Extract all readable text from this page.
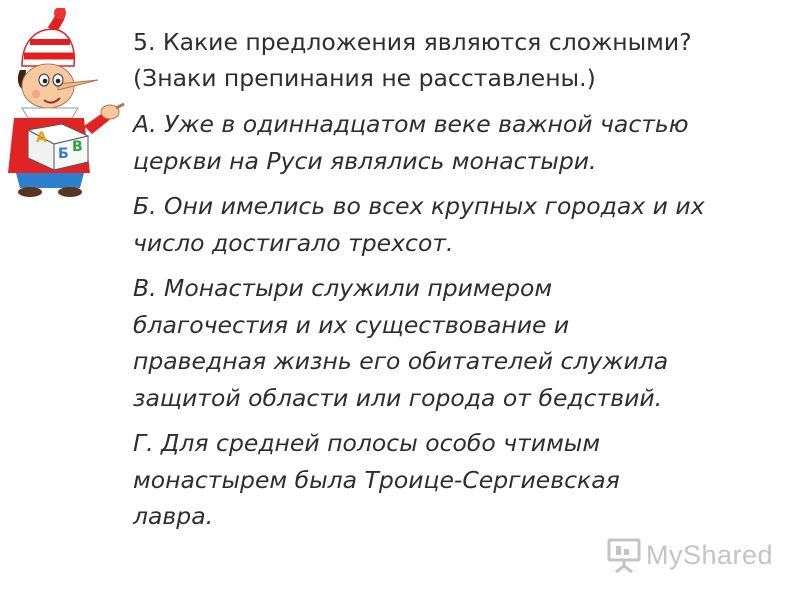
А
Б В
5. Какие предложения являются сложными?
(Знаки препинания не расставлены.)
А. Уже в одиннадцатом веке важной частью
церкви на Руси являлись монастыри.
Б. Они имелись во всех крупных городах и их
число достигало трехсот.
В. Монастыри служили примером
благочестия и их существование и
праведная жизнь его обитателей служила
защитой области или города от бедствий.
Г. Для средней полосы особо чтимым
монастырем была Троице-Сергиевская
лавра.
MyShared
